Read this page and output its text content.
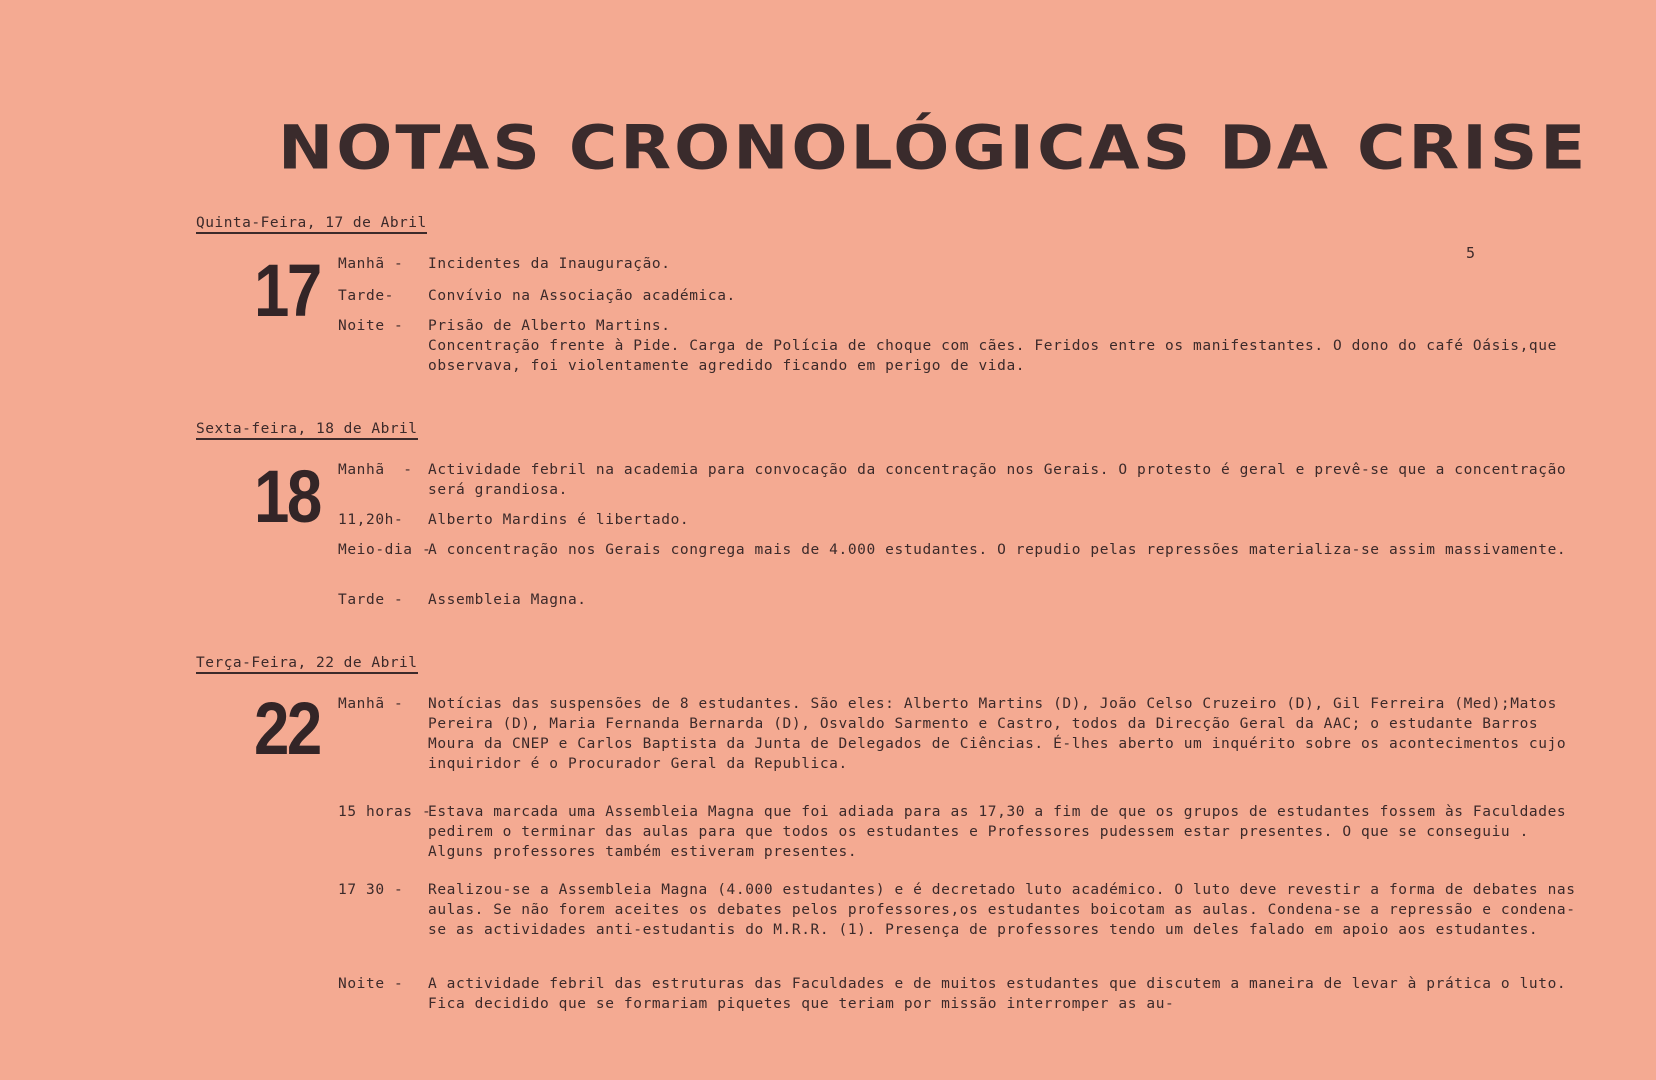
NOTAS CRONOLÓGICAS DA CRISE
5
Quinta-Feira, 17 de Abril
17 Manhã - Incidentes da Inauguração.
Tarde- Convívio na Associação académica.
Noite - Prisão de Alberto Martins.
Concentração frente à Pide. Carga de Polícia de choque com cães. Feridos entre os manifestantes. O dono do café Oásis,que observava, foi violentamente agredido ficando em perigo de vida.
Sexta-feira, 18 de Abril
18 Manhã  - Actividade febril na academia para convocação da concentração nos Gerais. O protesto é geral e prevê-se que a concentração será grandiosa.
11,20h- Alberto Mardins é libertado.
Meio-dia -
A concentração nos Gerais congrega mais de 4.000 estudantes. O repudio pelas repressões materializa-se assim massivamente.
Tarde - Assembleia Magna.
Terça-Feira, 22 de Abril
22 Manhã - Notícias das suspensões de 8 estudantes. São eles: Alberto Martins (D), João Celso Cruzeiro (D), Gil Ferreira (Med);Matos Pereira (D), Maria Fernanda Bernarda (D), Osvaldo Sarmento e Castro, todos da Direcção Geral da AAC; o estudante Barros Moura da CNEP e Carlos Baptista da Junta de Delegados de Ciências. É-lhes aberto um inquérito sobre os acontecimentos cujo inquiridor é o Procurador Geral da Republica.
15 horas -
Estava marcada uma Assembleia Magna que foi adiada para as 17,30 a fim de que os grupos de estudantes fossem às Faculdades pedirem o terminar das aulas para que todos os estudantes e Professores pudessem estar presentes. O que se conseguiu . Alguns professores também estiveram presentes.
17 30 - Realizou-se a Assembleia Magna (4.000 estudantes) e é decretado luto académico. O luto deve revestir a forma de debates nas aulas. Se não forem aceites os debates pelos professores,os estudantes boicotam as aulas. Condena-se a repressão e condena-se as actividades anti-estudantis do M.R.R. (1). Presença de professores tendo um deles falado em apoio aos estudantes.
Noite - A actividade febril das estruturas das Faculdades e de muitos estudantes que discutem a maneira de levar à prática o luto. Fica decidido que se formariam piquetes que teriam por missão interromper as au-
